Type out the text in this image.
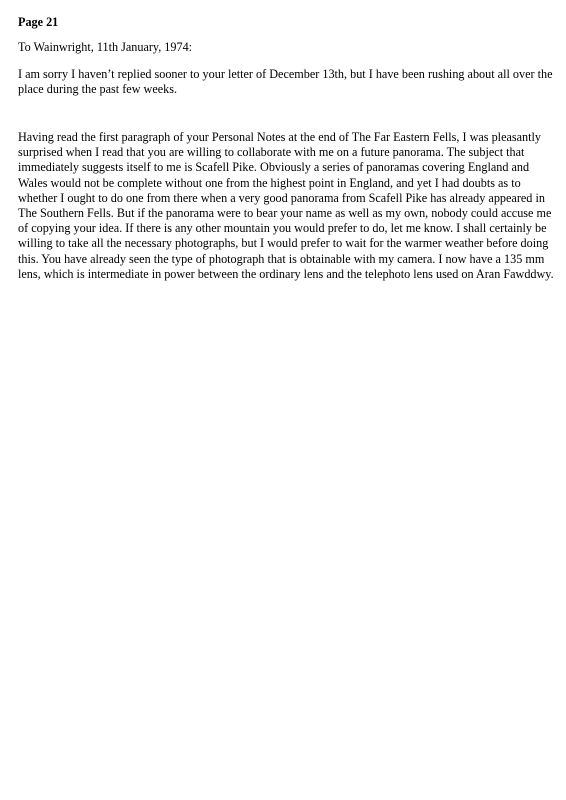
Page 21

To Wainwright, 11th January, 1974:

I am sorry I haven’t replied sooner to your letter of December 13th, but I have been rushing about all over the
place during the past few weeks.

Having read the first paragraph of your Personal Notes at the end of The Far Eastern Fells, I was pleasantly
surprised when I read that you are willing to collaborate with me on a future panorama. The subject that
immediately suggests itself to me is Scafell Pike. Obviously a series of panoramas covering England and
Wales would not be complete without one from the highest point in England, and yet I had doubts as to
whether I ought to do one from there when a very good panorama from Scafell Pike has already appeared in
The Southern Fells. But if the panorama were to bear your name as well as my own, nobody could accuse me
of copying your idea. If there is any other mountain you would prefer to do, let me know. I shall certainly be
willing to take all the necessary photographs, but I would prefer to wait for the warmer weather before doing
this. You have already seen the type of photograph that is obtainable with my camera. I now have a 135 mm
lens, which is intermediate in power between the ordinary lens and the telephoto lens used on Aran Fawddwy.
